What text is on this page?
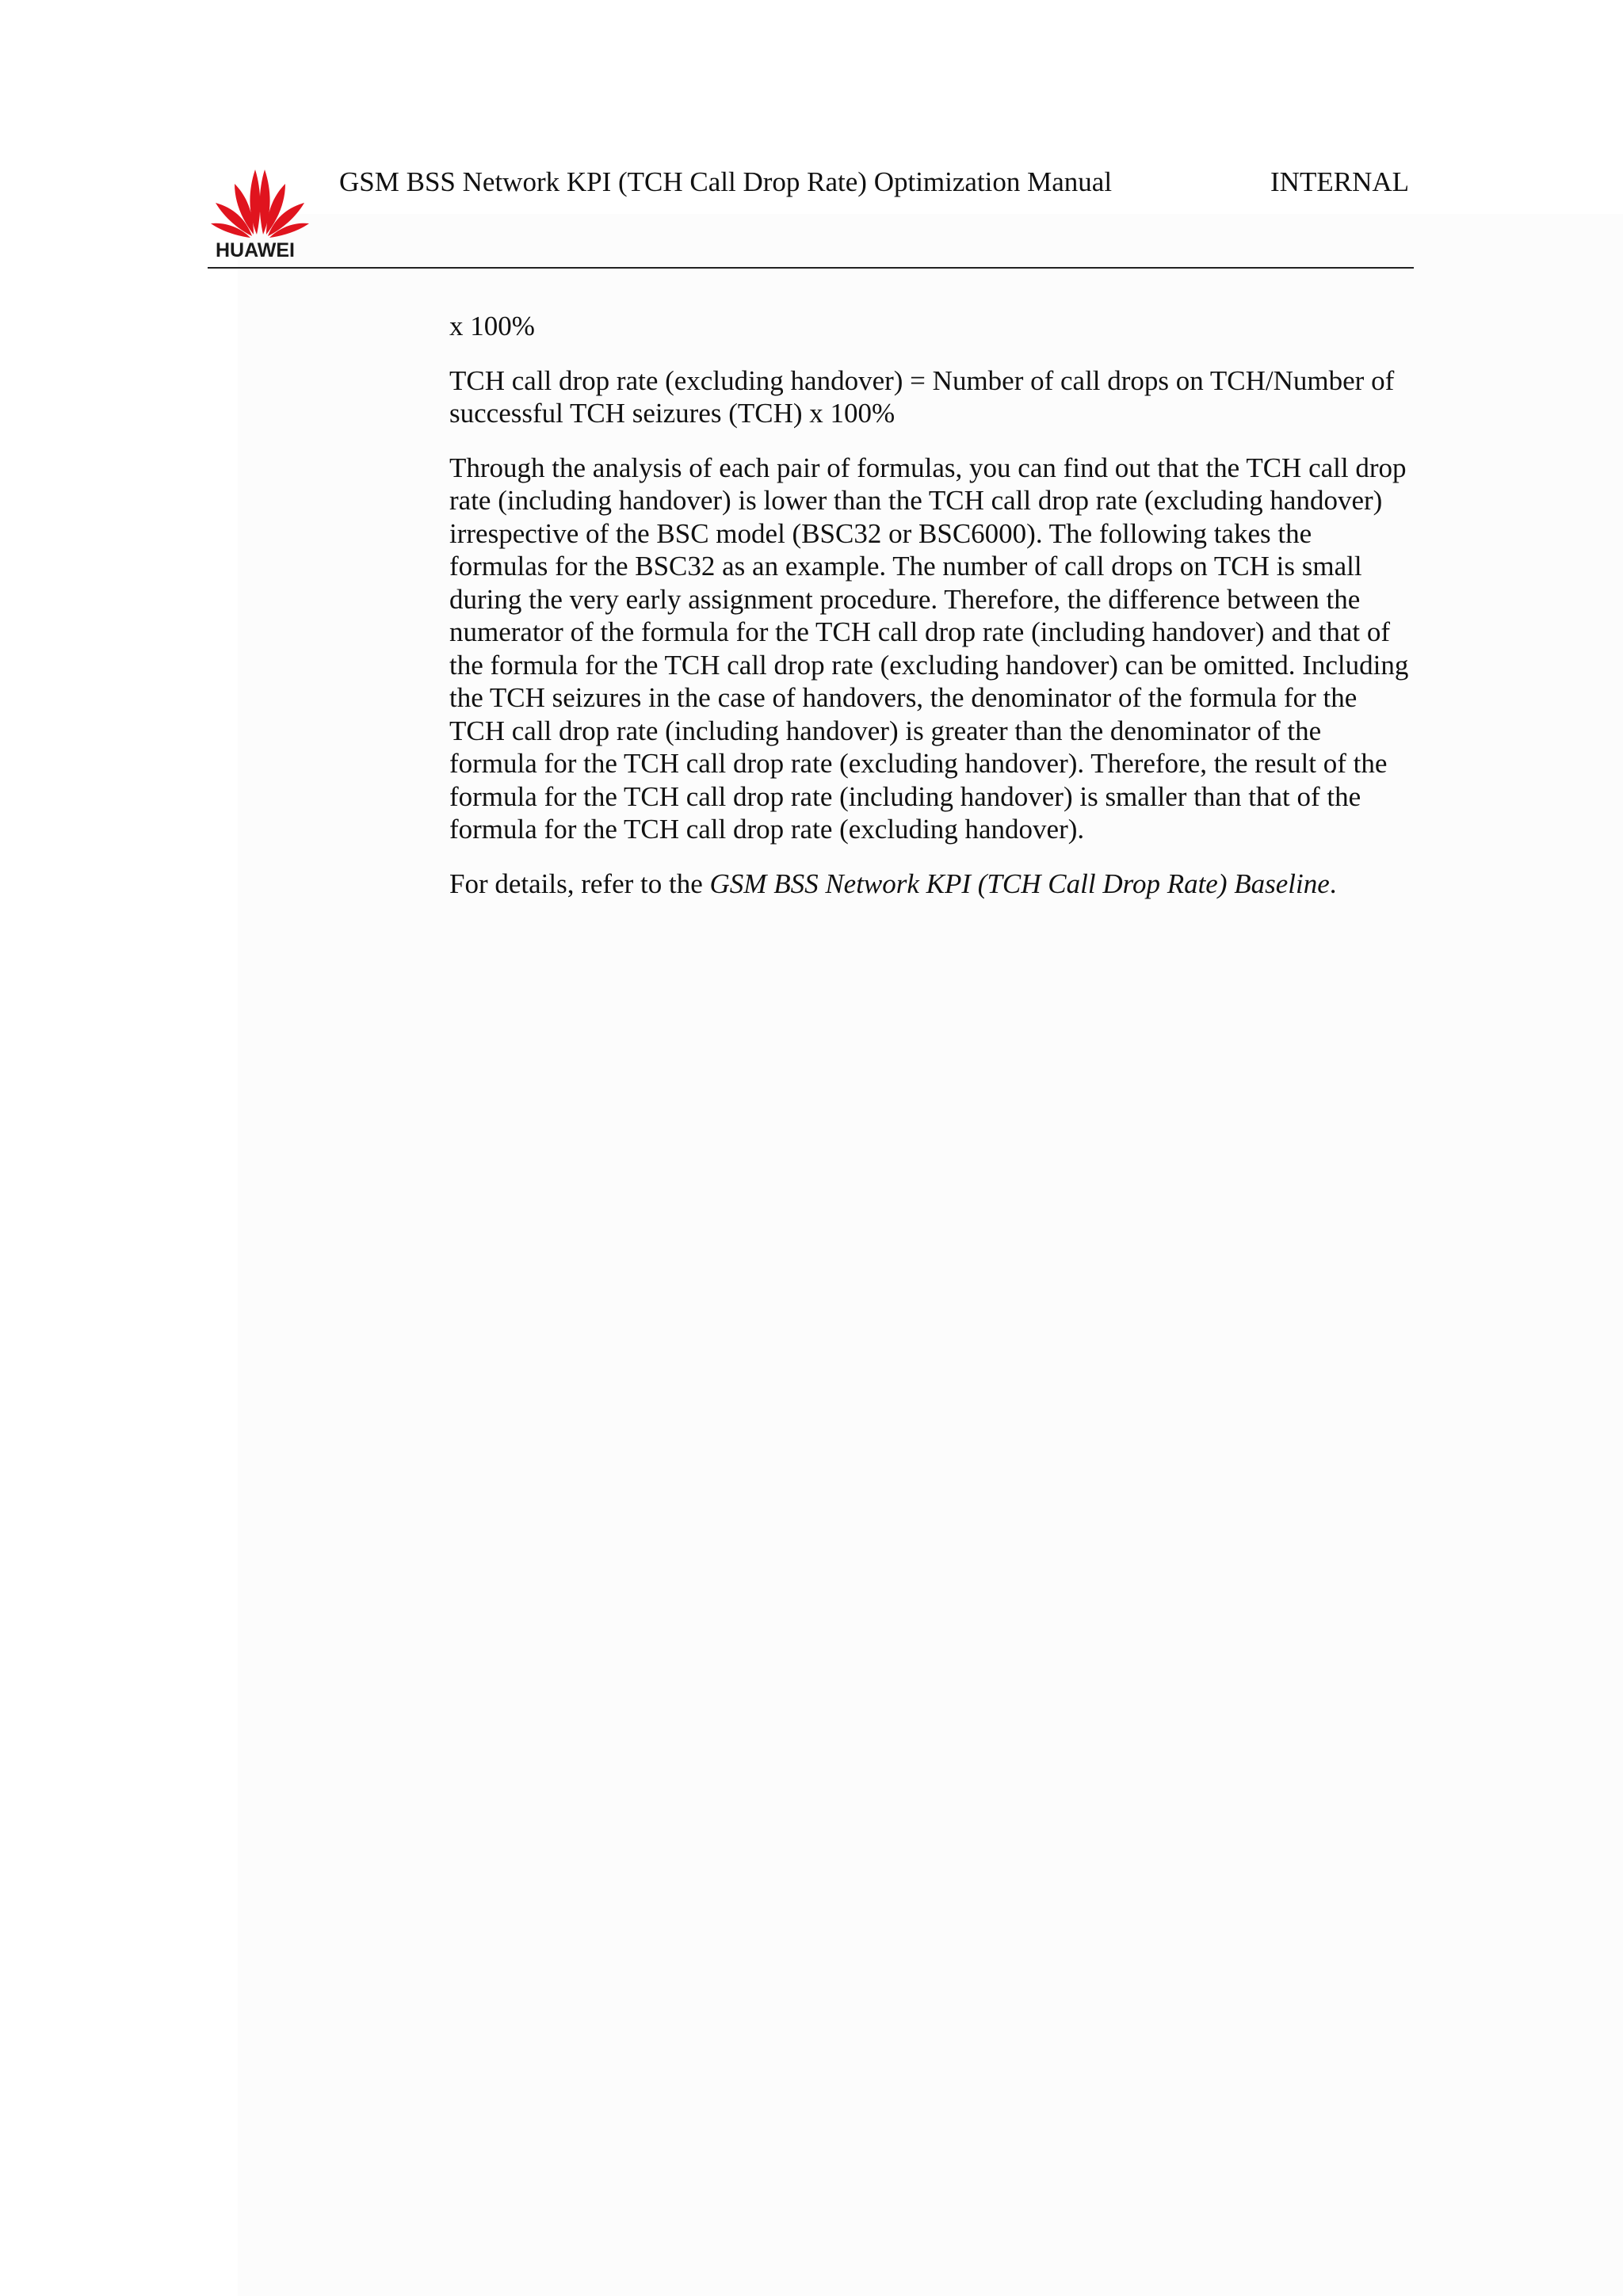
HUAWEI
GSM BSS Network KPI (TCH Call Drop Rate) Optimization Manual	INTERNAL

x 100%

TCH call drop rate (excluding handover) = Number of call drops on TCH/Number of successful TCH seizures (TCH) x 100%

Through the analysis of each pair of formulas, you can find out that the TCH call drop rate (including handover) is lower than the TCH call drop rate (excluding handover) irrespective of the BSC model (BSC32 or BSC6000). The following takes the formulas for the BSC32 as an example. The number of call drops on TCH is small during the very early assignment procedure. Therefore, the difference between the numerator of the formula for the TCH call drop rate (including handover) and that of the formula for the TCH call drop rate (excluding handover) can be omitted. Including the TCH seizures in the case of handovers, the denominator of the formula for the TCH call drop rate (including handover) is greater than the denominator of the formula for the TCH call drop rate (excluding handover). Therefore, the result of the formula for the TCH call drop rate (including handover) is smaller than that of the formula for the TCH call drop rate (excluding handover).

For details, refer to the GSM BSS Network KPI (TCH Call Drop Rate) Baseline.
